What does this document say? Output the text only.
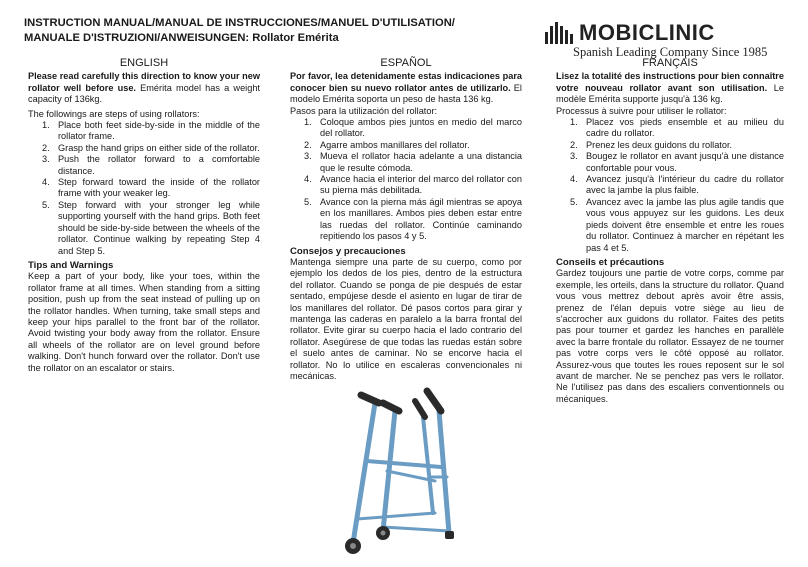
INSTRUCTION MANUAL/MANUAL DE INSTRUCCIONES/MANUEL D'UTILISATION/
MANUALE D'ISTRUZIONI/ANWEISUNGEN: Rollator Emérita	MOBICLINIC
Spanish Leading Company Since 1985
ENGLISH

Please read carefully this direction to know your new rollator well before use. Emérita model has a weight capacity of 136kg.

The followings are steps of using rollators:

1. Place both feet side-by-side in the middle of the rollator frame.
2. Grasp the hand grips on either side of the rollator.
3. Push the rollator forward to a comfortable distance.
4. Step forward toward the inside of the rollator frame with your weaker leg.
5. Step forward with your stronger leg while supporting yourself with the hand grips. Both feet should be side-by-side between the wheels of the rollator. Continue walking by repeating Step 4 and Step 5.
Tips and Warnings

Keep a part of your body, like your toes, within the rollator frame at all times. When standing from a sitting position, push up from the seat instead of pulling up on the rollator handles. When turning, take small steps and keep your hips parallel to the front bar of the rollator. Avoid twisting your body away from the rollator. Ensure all wheels of the rollator are on level ground before walking. Don't hunch forward over the rollator. Don't use the rollator on an escalator or stairs.

ESPAÑOL

Por favor, lea detenidamente estas indicaciones para conocer bien su nuevo rollator antes de utilizarlo. El modelo Emérita soporta un peso de hasta 136 kg.

Pasos para la utilización del rollator:

1. Coloque ambos pies juntos en medio del marco del rollator.
2. Agarre ambos manillares del rollator.
3. Mueva el rollator hacia adelante a una distancia que le resulte cómoda.
4. Avance hacia el interior del marco del rollator con su pierna más debilitada.
5. Avance con la pierna más ágil mientras se apoya en los manillares. Ambos pies deben estar entre las ruedas del rollator. Continúe caminando repitiendo los pasos 4 y 5.
Consejos y precauciones

Mantenga siempre una parte de su cuerpo, como por ejemplo los dedos de los pies, dentro de la estructura del rollator. Cuando se ponga de pie después de estar sentado, empújese desde el asiento en lugar de tirar de los manillares del rollator. Dé pasos cortos para girar y mantenga las caderas en paralelo a la barra frontal del rollator. Evite girar su cuerpo hacia el lado contrario del rollator. Asegúrese de que todas las ruedas están sobre el suelo antes de caminar. No se encorve hacia el rollator. No lo utilice en escaleras convencionales ni mecánicas.

FRANÇAIS

Lisez la totalité des instructions pour bien connaître votre nouveau rollator avant son utilisation. Le modèle Emérita supporte jusqu'à 136 kg.

Processus à suivre pour utiliser le rollator:

1. Placez vos pieds ensemble et au milieu du cadre du rollator.
2. Prenez les deux guidons du rollator.
3. Bougez le rollator en avant jusqu'à une distance confortable pour vous.
4. Avancez jusqu'à l'intérieur du cadre du rollator avec la jambe la plus faible.
5. Avancez avec la jambe las plus agile tandis que vous vous appuyez sur les guidons. Les deux pieds doivent être ensemble et entre les roues du rollator. Continuez à marcher en répétant les pas 4 et 5.
Conseils et précautions

Gardez toujours une partie de votre corps, comme par exemple, les orteils, dans la structure du rollator. Quand vous vous mettrez debout après avoir être assis, prenez de l'élan depuis votre siège au lieu de s'accrocher aux guidons du rollator. Faites des petits pas pour tourner et gardez les hanches en parallèle avec la barre frontale du rollator. Essayez de ne tourner pas votre corps vers le côté opposé au rollator. Assurez-vous que toutes les roues reposent sur le sol avant de marcher. Ne se penchez pas vers le rollator. Ne l'utilisez pas dans des escaliers conventionnels ou mécaniques.
